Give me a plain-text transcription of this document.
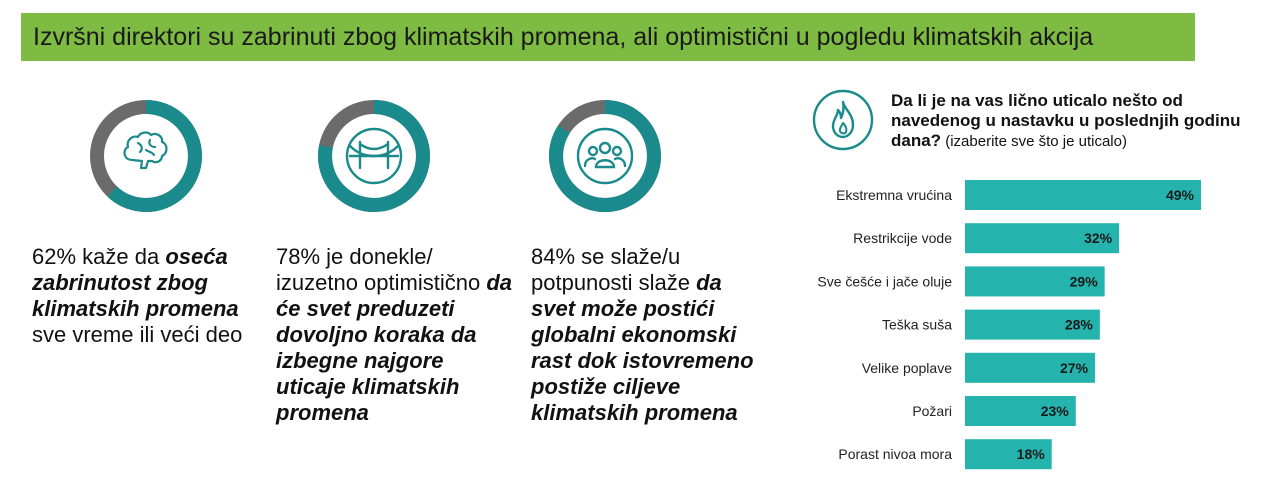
Izvršni direktori su zabrinuti zbog klimatskih promena, ali optimistični u pogledu klimatskih akcija
62% kaže da oseća zabrinutost zbog klimatskih promena sve vreme ili veći deo
78% je donekle/ izuzetno optimistično da će svet preduzeti dovoljno koraka da izbegne najgore uticaje klimatskih promena
84% se slaže/u potpunosti slaže da svet može postići globalni ekonomski rast dok istovremeno postiže ciljeve klimatskih promena
Da li je na vas lično uticalo nešto od navedenog u nastavku u poslednjih godinu dana? (izaberite sve što je uticalo)
Ekstremna vrućina	49%
Restrikcije vode	32%
Sve češće i jače oluje	29%
Teška suša	28%
Velike poplave	27%
Požari	23%
Porast nivoa mora	18%
